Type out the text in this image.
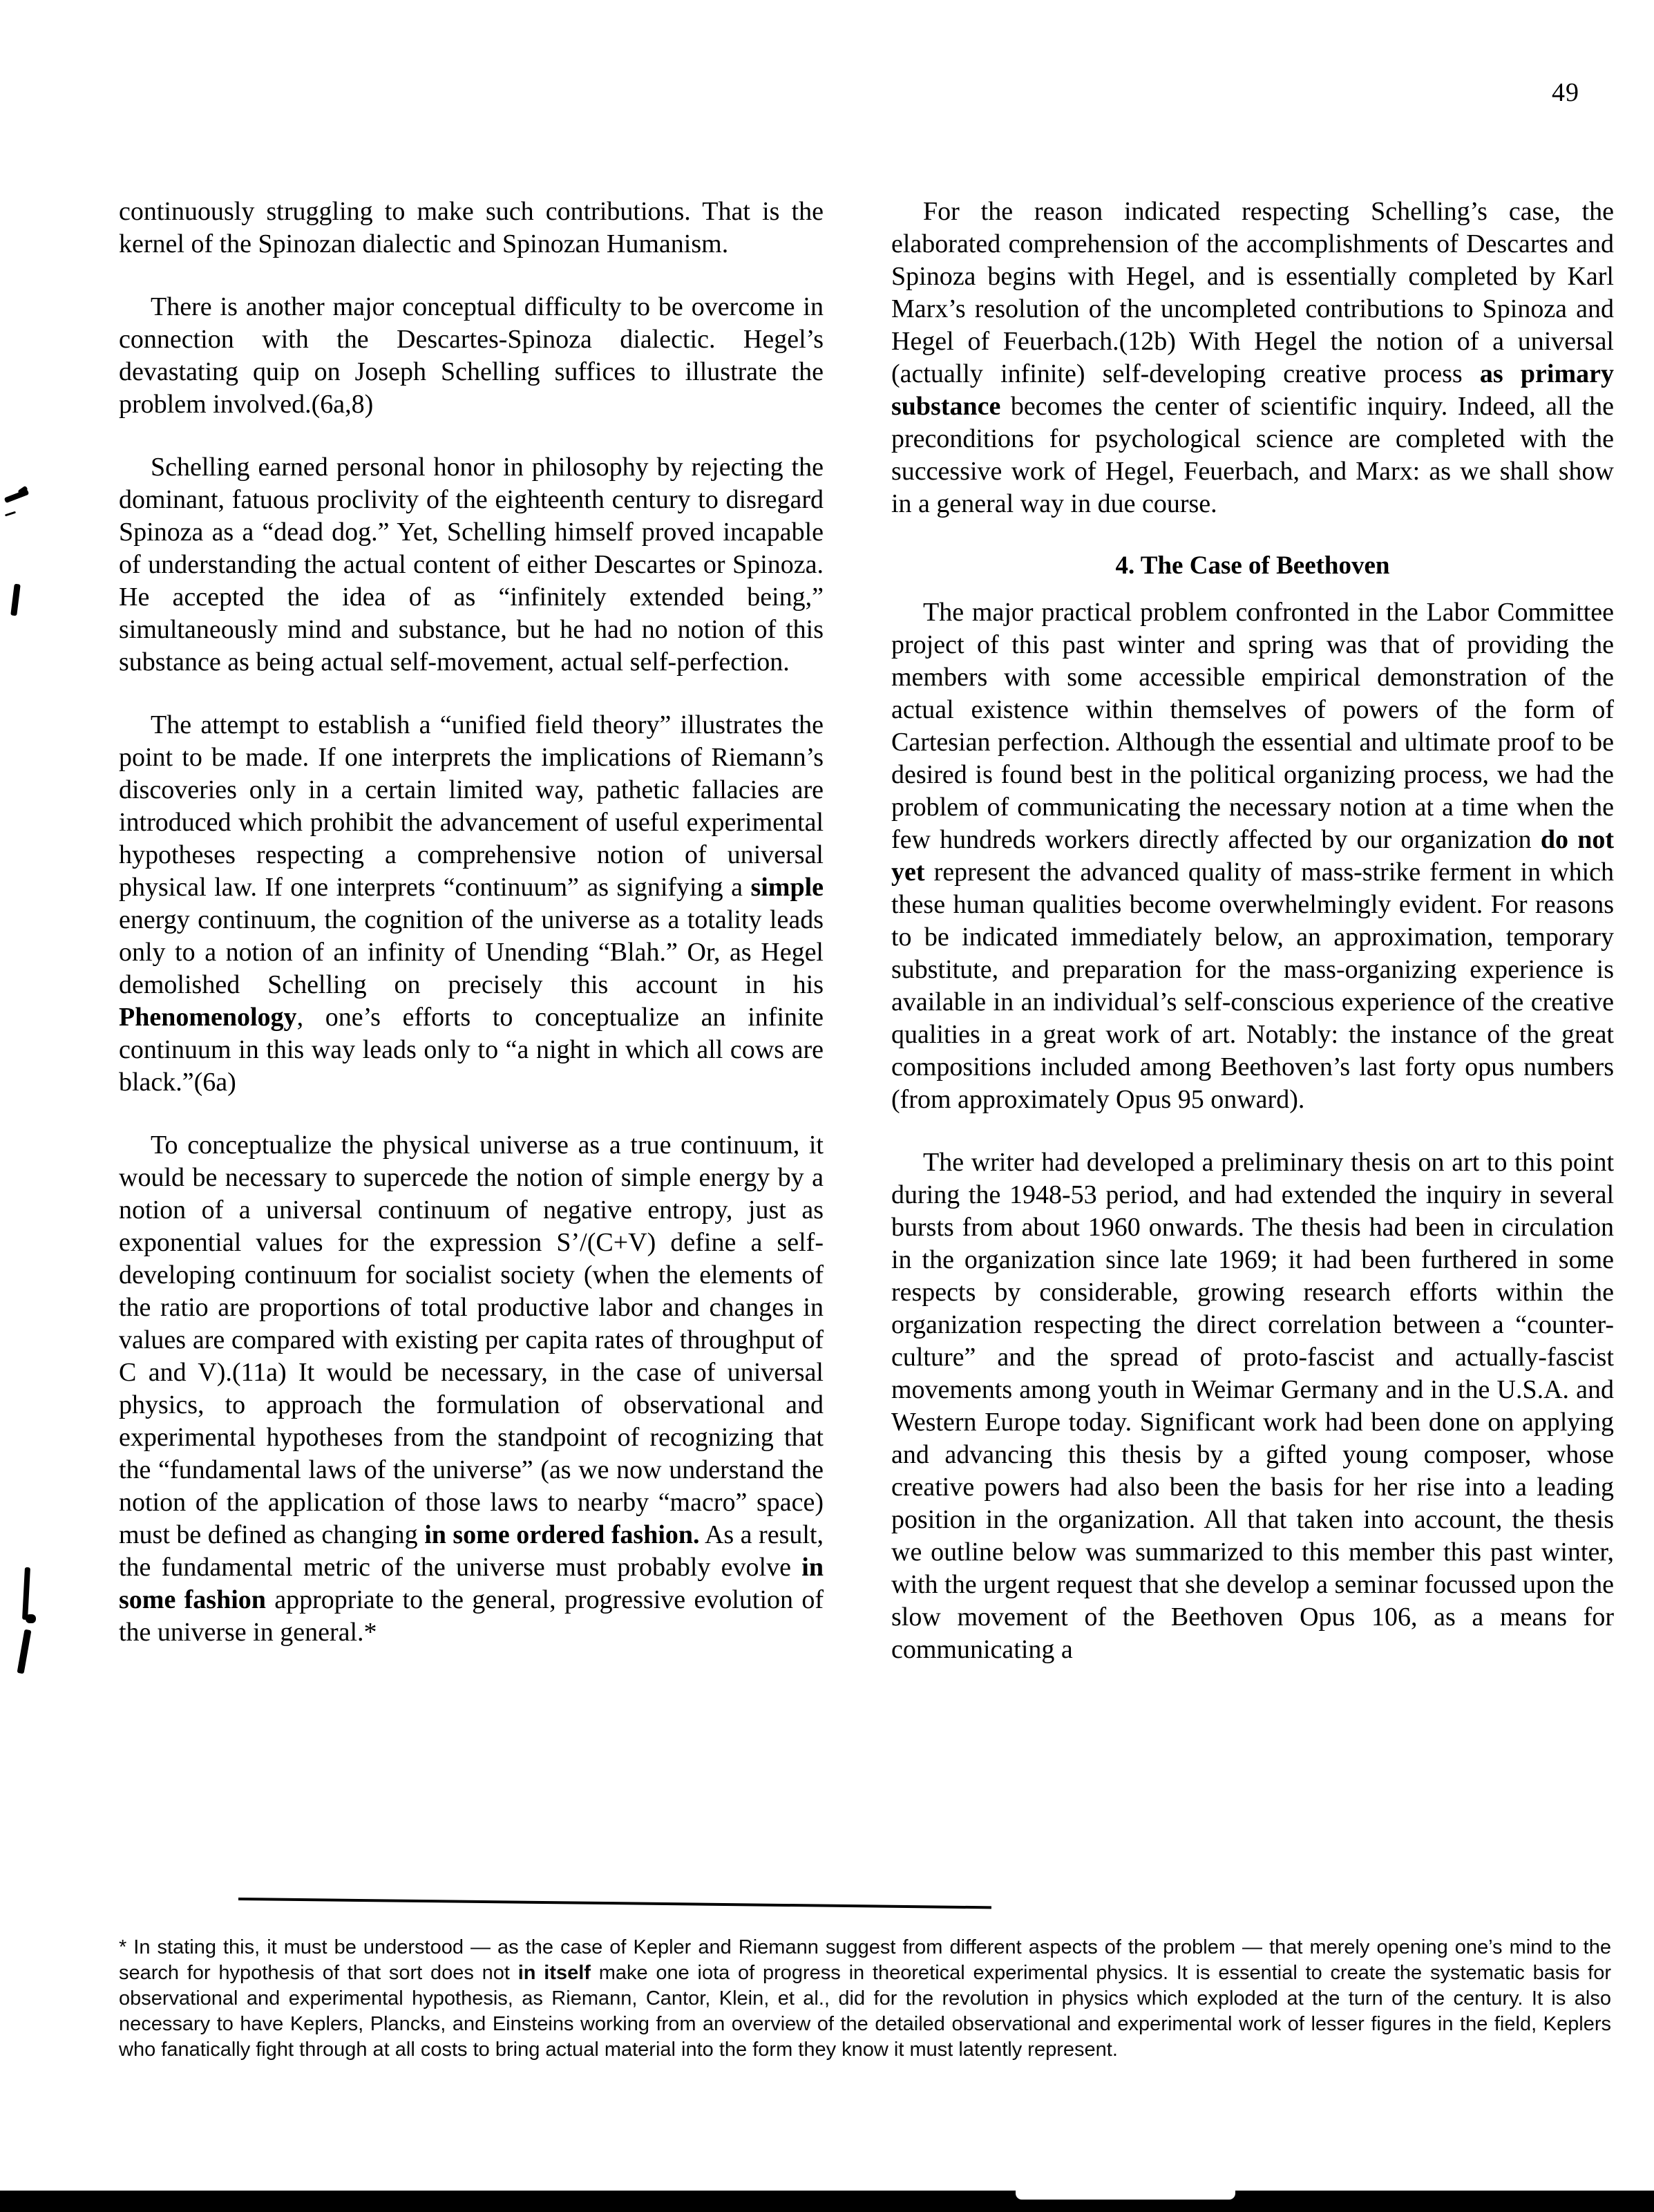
49

continuously struggling to make such contributions. That is the kernel of the Spinozan dialectic and Spinozan Humanism.

There is another major conceptual difficulty to be overcome in connection with the Descartes-Spinoza dialectic. Hegel’s devastating quip on Joseph Schelling suffices to illustrate the problem involved.(6a,8)

Schelling earned personal honor in philosophy by rejecting the dominant, fatuous proclivity of the eighteenth century to disregard Spinoza as a “dead dog.” Yet, Schelling himself proved incapable of understanding the actual content of either Descartes or Spinoza. He accepted the idea of as “infinitely extended being,” simultaneously mind and substance, but he had no notion of this substance as being actual self-movement, actual self-perfection.

The attempt to establish a “unified field theory” illustrates the point to be made. If one interprets the implications of Riemann’s discoveries only in a certain limited way, pathetic fallacies are introduced which prohibit the advancement of useful experimental hypotheses respecting a comprehensive notion of universal physical law. If one interprets “continuum” as signifying a simple energy continuum, the cognition of the universe as a totality leads only to a notion of an infinity of Unending “Blah.” Or, as Hegel demolished Schelling on precisely this account in his Phenomenology, one’s efforts to conceptualize an infinite continuum in this way leads only to “a night in which all cows are black.”(6a)

To conceptualize the physical universe as a true continuum, it would be necessary to supercede the notion of simple energy by a notion of a universal continuum of negative entropy, just as exponential values for the expression S’/(C+V) define a self-developing continuum for socialist society (when the elements of the ratio are proportions of total productive labor and changes in values are compared with existing per capita rates of throughput of C and V).(11a) It would be necessary, in the case of universal physics, to approach the formulation of observational and experimental hypotheses from the standpoint of recognizing that the “fundamental laws of the universe” (as we now understand the notion of the application of those laws to nearby “macro” space) must be defined as changing in some ordered fashion. As a result, the fundamental metric of the universe must probably evolve in some fashion appropriate to the general, progressive evolution of the universe in general.*

For the reason indicated respecting Schelling’s case, the elaborated comprehension of the accomplishments of Descartes and Spinoza begins with Hegel, and is essentially completed by Karl Marx’s resolution of the uncompleted contributions to Spinoza and Hegel of Feuerbach.(12b) With Hegel the notion of a universal (actually infinite) self-developing creative process as primary substance becomes the center of scientific inquiry. Indeed, all the preconditions for psychological science are completed with the successive work of Hegel, Feuerbach, and Marx: as we shall show in a general way in due course.

4. The Case of Beethoven

The major practical problem confronted in the Labor Committee project of this past winter and spring was that of providing the members with some accessible empirical demonstration of the actual existence within themselves of powers of the form of Cartesian perfection. Although the essential and ultimate proof to be desired is found best in the political organizing process, we had the problem of communicating the necessary notion at a time when the few hundreds workers directly affected by our organization do not yet represent the advanced quality of mass-strike ferment in which these human qualities become overwhelmingly evident. For reasons to be indicated immediately below, an approximation, temporary substitute, and preparation for the mass-organizing experience is available in an individual’s self-conscious experience of the creative qualities in a great work of art. Notably: the instance of the great compositions included among Beethoven’s last forty opus numbers (from approximately Opus 95 onward).

The writer had developed a preliminary thesis on art to this point during the 1948-53 period, and had extended the inquiry in several bursts from about 1960 onwards. The thesis had been in circulation in the organization since late 1969; it had been furthered in some respects by considerable, growing research efforts within the organization respecting the direct correlation between a “counter-culture” and the spread of proto-fascist and actually-fascist movements among youth in Weimar Germany and in the U.S.A. and Western Europe today. Significant work had been done on applying and advancing this thesis by a gifted young composer, whose creative powers had also been the basis for her rise into a leading position in the organization. All that taken into account, the thesis we outline below was summarized to this member this past winter, with the urgent request that she develop a seminar focussed upon the slow movement of the Beethoven Opus 106, as a means for communicating a

* In stating this, it must be understood — as the case of Kepler and Riemann suggest from different aspects of the problem — that merely opening one’s mind to the search for hypothesis of that sort does not in itself make one iota of progress in theoretical experimental physics. It is essential to create the systematic basis for observational and experimental hypothesis, as Riemann, Cantor, Klein, et al., did for the revolution in physics which exploded at the turn of the century. It is also necessary to have Keplers, Plancks, and Einsteins working from an overview of the detailed observational and experimental work of lesser figures in the field, Keplers who fanatically fight through at all costs to bring actual material into the form they know it must latently represent.
